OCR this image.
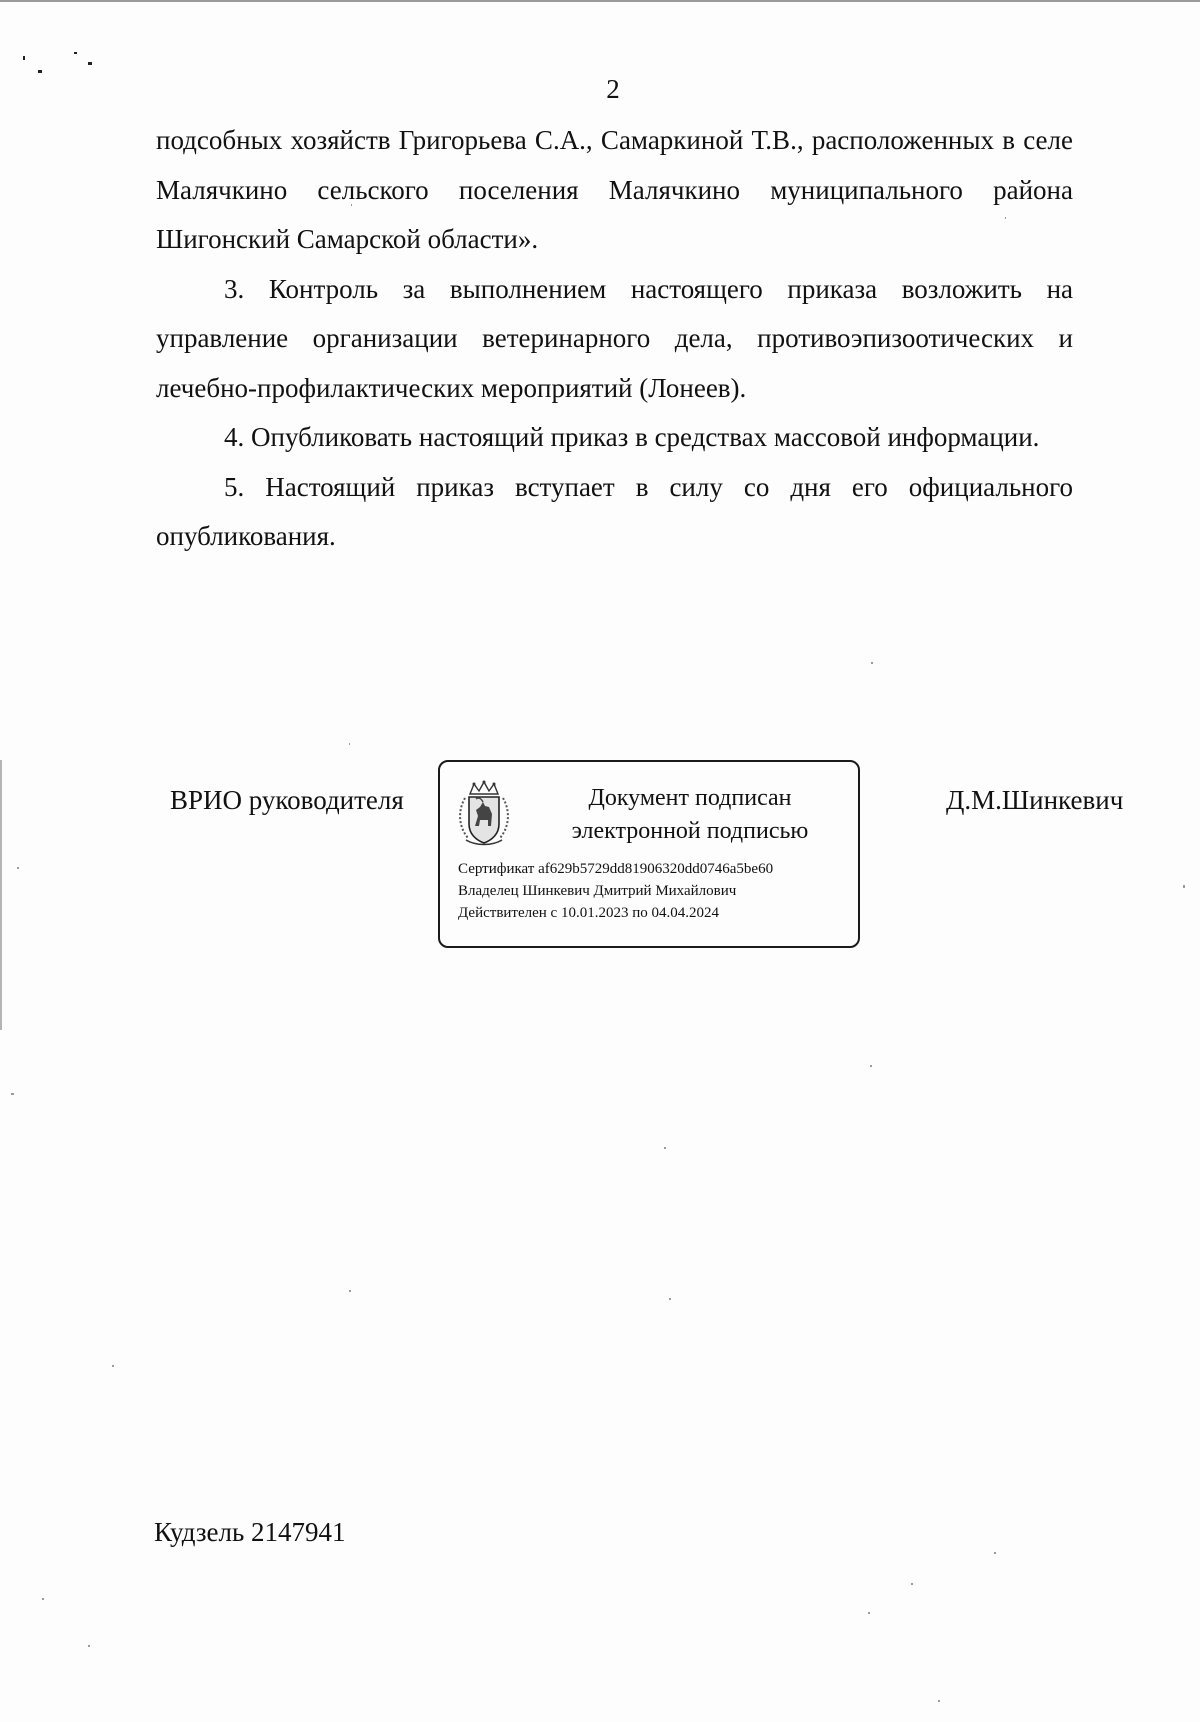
2

подсобных хозяйств Григорьева С.А., Самаркиной Т.В., расположенных в селе Малячкино сельского поселения Малячкино муниципального района Шигонский Самарской области».

3. Контроль за выполнением настоящего приказа возложить на управление организации ветеринарного дела, противоэпизоотических и лечебно-профилактических мероприятий (Лонеев).

4. Опубликовать настоящий приказ в средствах массовой информации.

5. Настоящий приказ вступает в силу со дня его официального опубликования.

ВРИО руководителя	Документ подписан электронной подписью
Сертификат af629b5729dd81906320dd0746a5be60
Владелец Шинкевич Дмитрий Михайлович
Действителен с 10.01.2023 по 04.04.2024
Д.М.Шинкевич
Кудзель 2147941
